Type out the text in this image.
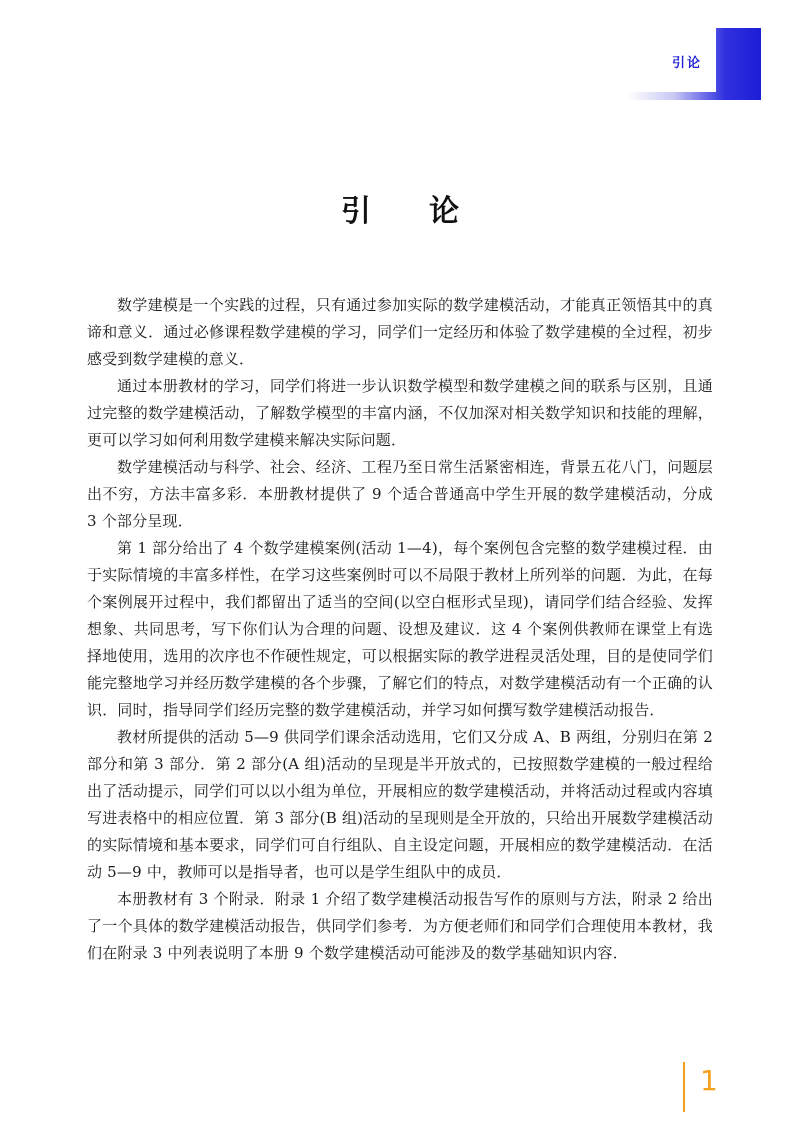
引论
引论

数学建模是一个实践的过程，只有通过参加实际的数学建模活动，才能真正领悟其中的真谛和意义．通过必修课程数学建模的学习，同学们一定经历和体验了数学建模的全过程，初步感受到数学建模的意义．

通过本册教材的学习，同学们将进一步认识数学模型和数学建模之间的联系与区别，且通过完整的数学建模活动，了解数学模型的丰富内涵，不仅加深对相关数学知识和技能的理解，更可以学习如何利用数学建模来解决实际问题．

数学建模活动与科学、社会、经济、工程乃至日常生活紧密相连，背景五花八门，问题层出不穷，方法丰富多彩．本册教材提供了 9 个适合普通高中学生开展的数学建模活动，分成 3 个部分呈现．

第 1 部分给出了 4 个数学建模案例(活动 1—4)，每个案例包含完整的数学建模过程．由于实际情境的丰富多样性，在学习这些案例时可以不局限于教材上所列举的问题．为此，在每个案例展开过程中，我们都留出了适当的空间(以空白框形式呈现)，请同学们结合经验、发挥想象、共同思考，写下你们认为合理的问题、设想及建议．这 4 个案例供教师在课堂上有选择地使用，选用的次序也不作硬性规定，可以根据实际的教学进程灵活处理，目的是使同学们能完整地学习并经历数学建模的各个步骤，了解它们的特点，对数学建模活动有一个正确的认识．同时，指导同学们经历完整的数学建模活动，并学习如何撰写数学建模活动报告．

教材所提供的活动 5—9 供同学们课余活动选用，它们又分成 A、B 两组，分别归在第 2 部分和第 3 部分．第 2 部分(A 组)活动的呈现是半开放式的，已按照数学建模的一般过程给出了活动提示，同学们可以以小组为单位，开展相应的数学建模活动，并将活动过程或内容填写进表格中的相应位置．第 3 部分(B 组)活动的呈现则是全开放的，只给出开展数学建模活动的实际情境和基本要求，同学们可自行组队、自主设定问题，开展相应的数学建模活动．在活动 5—9 中，教师可以是指导者，也可以是学生组队中的成员．

本册教材有 3 个附录．附录 1 介绍了数学建模活动报告写作的原则与方法，附录 2 给出了一个具体的数学建模活动报告，供同学们参考．为方便老师们和同学们合理使用本教材，我们在附录 3 中列表说明了本册 9 个数学建模活动可能涉及的数学基础知识内容．

1
